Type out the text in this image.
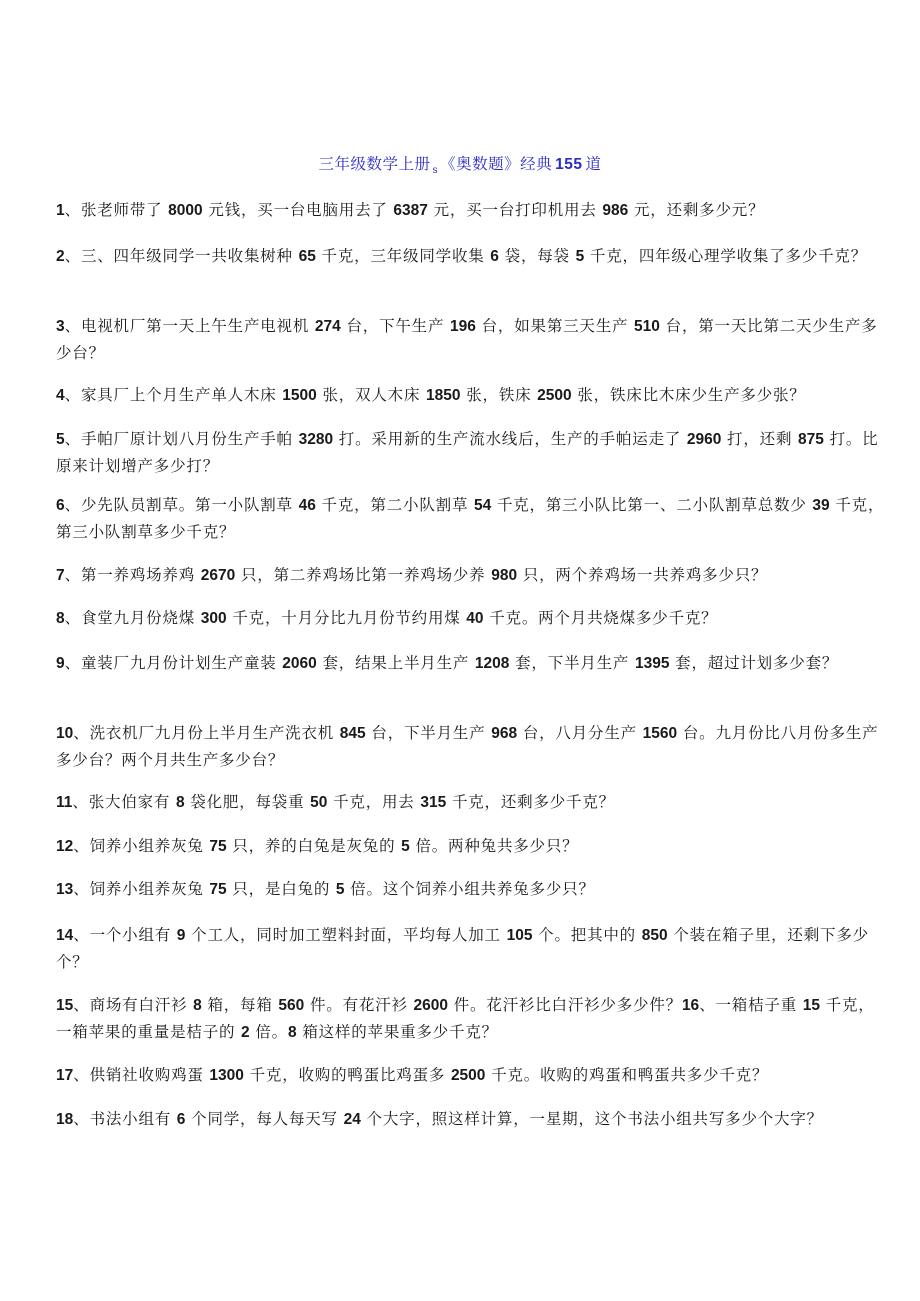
三年级数学上册 $_s$ 《奥数题》经典 155 道
1、张老师带了 8000 元钱，买一台电脑用去了 6387 元，买一台打印机用去 986 元，还剩多少元？
2、三、四年级同学一共收集树种 65 千克，三年级同学收集 6 袋，每袋 5 千克，四年级心理学收集了多少千克？
3、电视机厂第一天上午生产电视机 274 台，下午生产 196 台，如果第三天生产 510 台，第一天比第二天少生产多少台？
4、家具厂上个月生产单人木床 1500 张，双人木床 1850 张，铁床 2500 张，铁床比木床少生产多少张？
5、手帕厂原计划八月份生产手帕 3280 打。采用新的生产流水线后，生产的手帕运走了 2960 打，还剩 875 打。比原来计划增产多少打？
6、少先队员割草。第一小队割草 46 千克，第二小队割草 54 千克，第三小队比第一、二小队割草总数少 39 千克，第三小队割草多少千克？
7、第一养鸡场养鸡 2670 只，第二养鸡场比第一养鸡场少养 980 只，两个养鸡场一共养鸡多少只？
8、食堂九月份烧煤 300 千克，十月分比九月份节约用煤 40 千克。两个月共烧煤多少千克？
9、童装厂九月份计划生产童装 2060 套，结果上半月生产 1208 套，下半月生产 1395 套，超过计划多少套？
10、洗衣机厂九月份上半月生产洗衣机 845 台，下半月生产 968 台，八月分生产 1560 台。九月份比八月份多生产多少台？两个月共生产多少台？
11、张大伯家有 8 袋化肥，每袋重 50 千克，用去 315 千克，还剩多少千克？
12、饲养小组养灰兔 75 只，养的白兔是灰兔的 5 倍。两种兔共多少只？
13、饲养小组养灰兔 75 只，是白兔的 5 倍。这个饲养小组共养兔多少只？
14、一个小组有 9 个工人，同时加工塑料封面，平均每人加工 105 个。把其中的 850 个装在箱子里，还剩下多少个？
15、商场有白汗衫 8 箱，每箱 560 件。有花汗衫 2600 件。花汗衫比白汗衫少多少件？16、一箱桔子重 15 千克，一箱苹果的重量是桔子的 2 倍。8 箱这样的苹果重多少千克？
17、供销社收购鸡蛋 1300 千克，收购的鸭蛋比鸡蛋多 2500 千克。收购的鸡蛋和鸭蛋共多少千克？
18、书法小组有 6 个同学，每人每天写 24 个大字，照这样计算，一星期，这个书法小组共写多少个大字？
